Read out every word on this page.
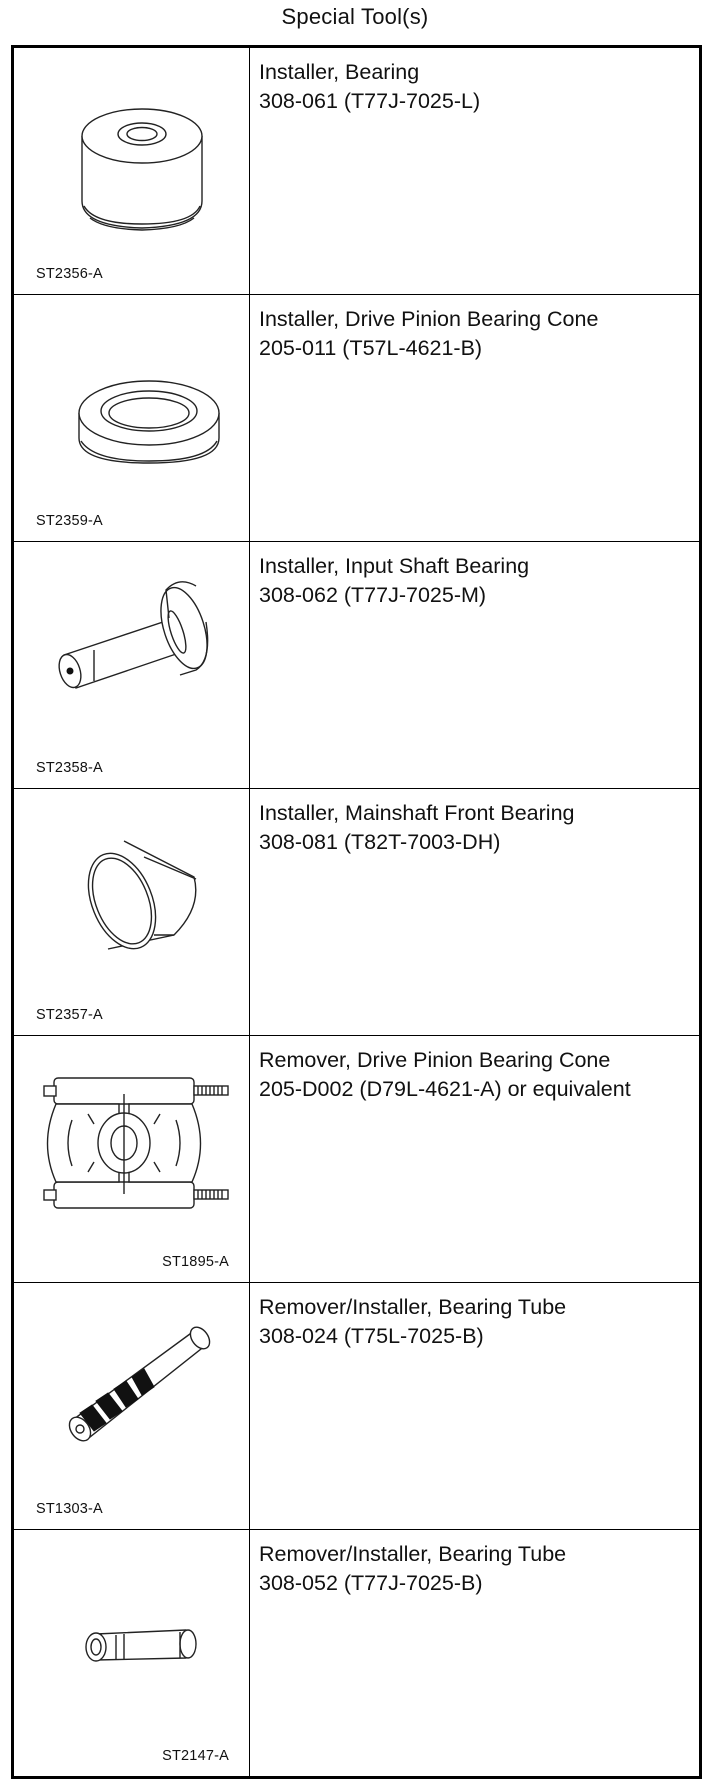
Special Tool(s)
ST2356-A	Installer, Bearing
308-061 (T77J-7025-L)

ST2359-A	Installer, Drive Pinion Bearing Cone
205-011 (T57L-4621-B)

ST2358-A	Installer, Input Shaft Bearing
308-062 (T77J-7025-M)

ST2357-A	Installer, Mainshaft Front Bearing
308-081 (T82T-7003-DH)

ST1895-A	Remover, Drive Pinion Bearing Cone
205-D002 (D79L-4621-A) or equivalent

ST1303-A	Remover/Installer, Bearing Tube
308-024 (T75L-7025-B)

ST2147-A	Remover/Installer, Bearing Tube
308-052 (T77J-7025-B)
